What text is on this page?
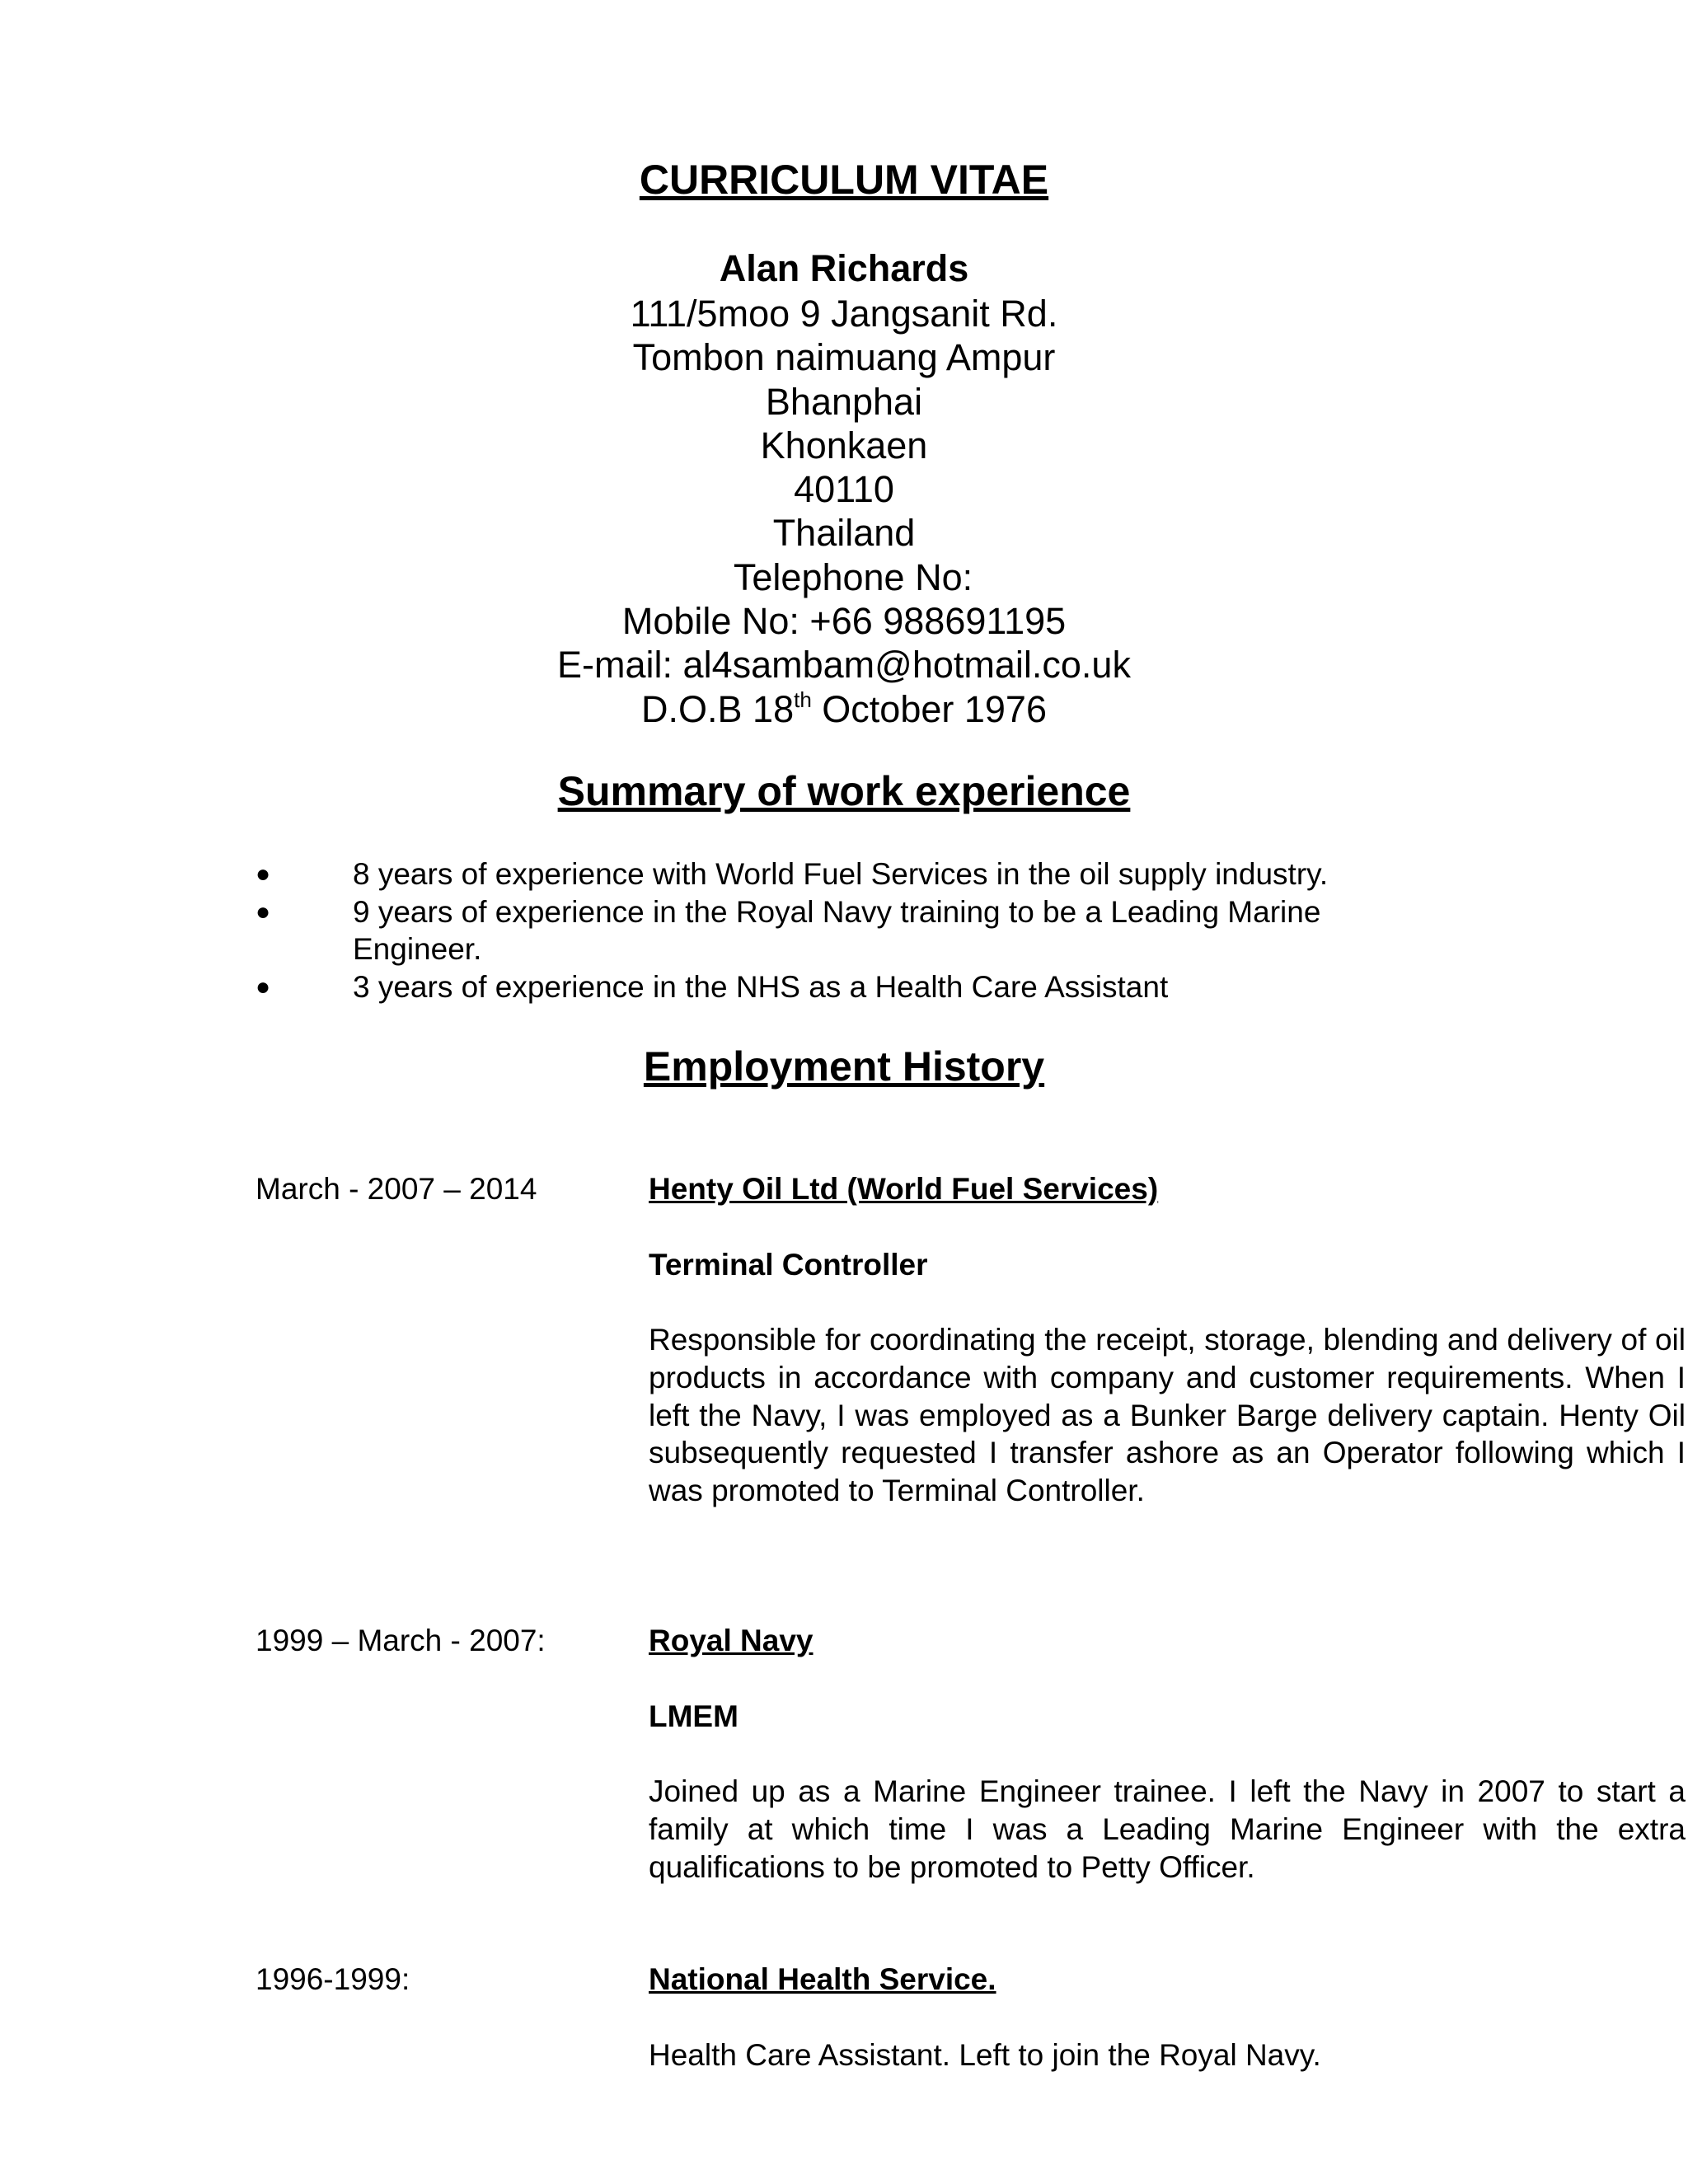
CURRICULUM VITAE
Alan Richards
111/5moo 9 Jangsanit Rd.
Tombon naimuang Ampur
Bhanphai
Khonkaen
40110
Thailand
Telephone No:
Mobile No: +66 988691195
E-mail: al4sambam@hotmail.co.uk
D.O.B 18th October 1976
Summary of work experience
●	8 years of experience with World Fuel Services in the oil supply industry.
●	9 years of experience in the Royal Navy training to be a Leading Marine Engineer.
●	3 years of experience in the NHS as a Health Care Assistant
Employment History
March - 2007 – 2014	Henty Oil Ltd (World Fuel Services)
Terminal Controller
Responsible for coordinating the receipt, storage, blending and delivery of oil products in accordance with company and customer requirements. When I left the Navy, I was employed as a Bunker Barge delivery captain. Henty Oil subsequently requested I transfer ashore as an Operator following which I was promoted to Terminal Controller.
1999 – March - 2007:	Royal Navy
LMEM
Joined up as a Marine Engineer trainee. I left the Navy in 2007 to start a family at which time I was a Leading Marine Engineer with the extra qualifications to be promoted to Petty Officer.
1996-1999:	National Health Service.
Health Care Assistant. Left to join the Royal Navy.
